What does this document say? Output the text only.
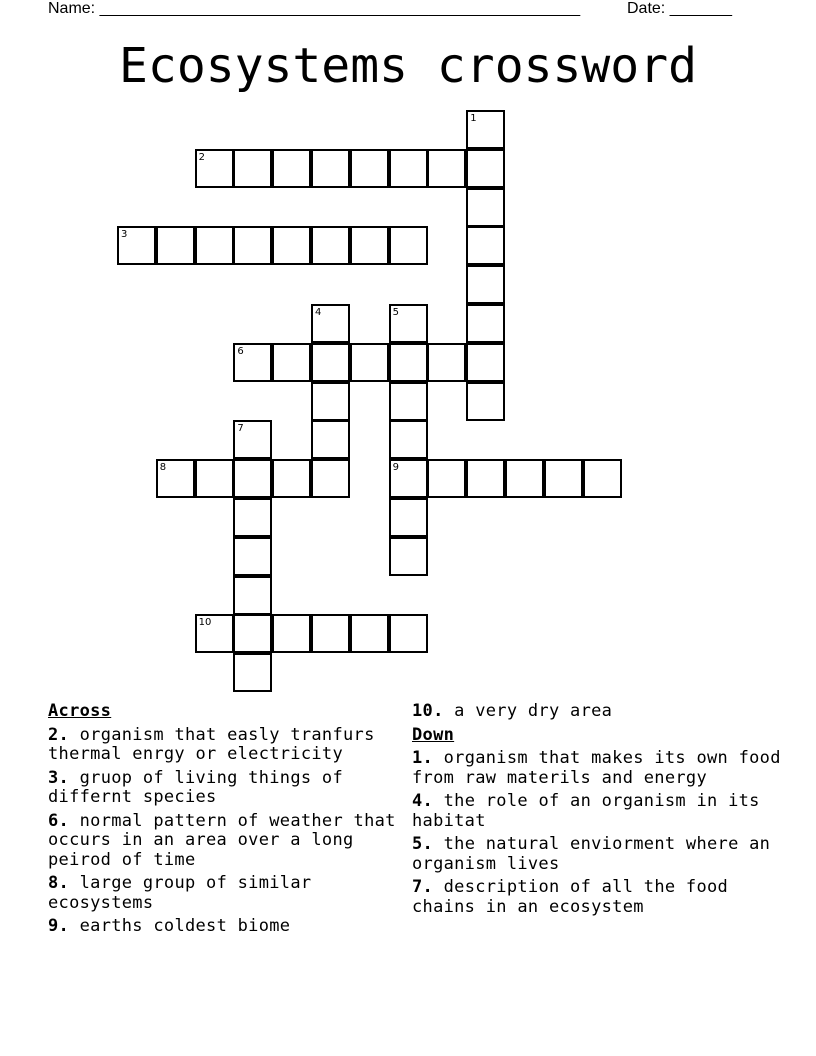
Name: ______________________________________________________	Date: _______
Ecosystems crossword
1
2
3
4	5
9
6
7
8
10
Across
2. organism that easly tranfurs thermal enrgy or electricity
3. gruop of living things of differnt species
6. normal pattern of weather that occurs in an area over a long peirod of time
8. large group of similar ecosystems
9. earths coldest biome
10. a very dry area
Down
1. organism that makes its own food from raw materils and energy
4. the role of an organism in its habitat
5. the natural enviorment where an organism lives
7. description of all the food chains in an ecosystem
